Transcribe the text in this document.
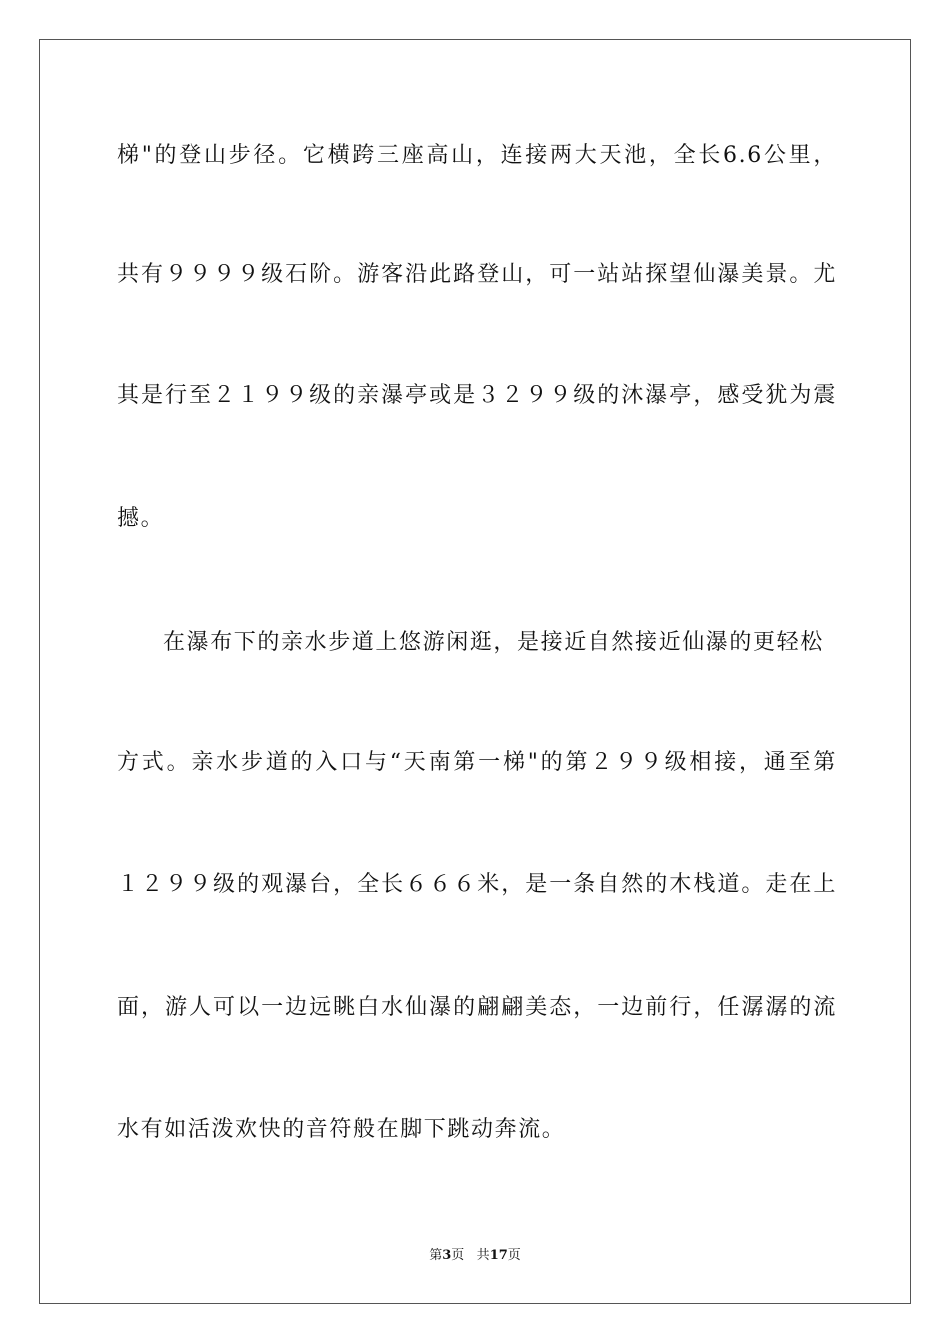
梯"的登山步径。它横跨三座高山，连接两大天池，全长6.6公里，
共有９９９９级石阶。游客沿此路登山，可一站站探望仙瀑美景。尤
其是行至２１９９级的亲瀑亭或是３２９９级的沐瀑亭，感受犹为震
撼。
在瀑布下的亲水步道上悠游闲逛，是接近自然接近仙瀑的更轻松
方式。亲水步道的入口与“天南第一梯"的第２９９级相接，通至第
１２９９级的观瀑台，全长６６６米，是一条自然的木栈道。走在上
面，游人可以一边远眺白水仙瀑的翩翩美态，一边前行，任潺潺的流
水有如活泼欢快的音符般在脚下跳动奔流。
第3页 共17页
